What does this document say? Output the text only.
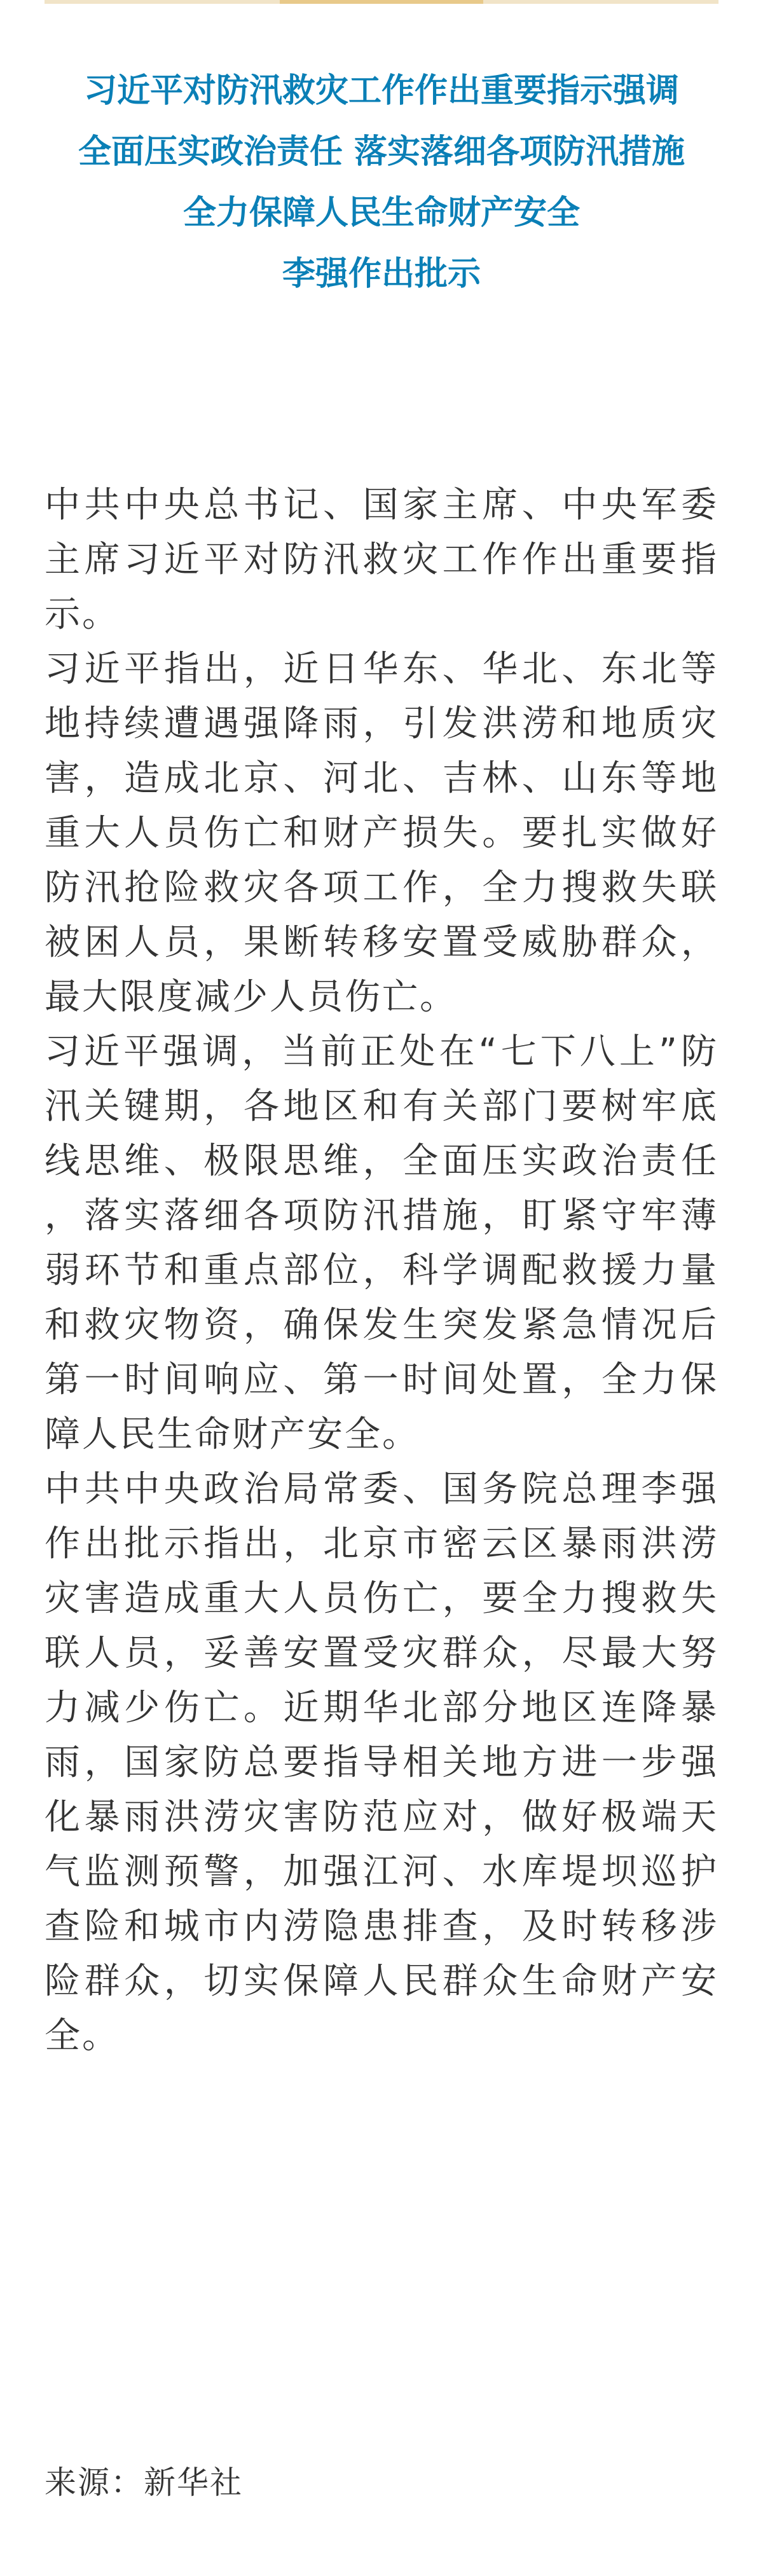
习近平对防汛救灾工作作出重要指示强调
全面压实政治责任 落实落细各项防汛措施
全力保障人民生命财产安全
李强作出批示

中共中央总书记、国家主席、中央军委主席习近平对防汛救灾工作作出重要指示。

习近平指出，近日华东、华北、东北等地持续遭遇强降雨，引发洪涝和地质灾害，造成北京、河北、吉林、山东等地重大人员伤亡和财产损失。要扎实做好防汛抢险救灾各项工作，全力搜救失联被困人员，果断转移安置受威胁群众，最大限度减少人员伤亡。

习近平强调，当前正处在“七下八上”防汛关键期，各地区和有关部门要树牢底线思维、极限思维，全面压实政治责任，落实落细各项防汛措施，盯紧守牢薄弱环节和重点部位，科学调配救援力量和救灾物资，确保发生突发紧急情况后第一时间响应、第一时间处置，全力保障人民生命财产安全。

中共中央政治局常委、国务院总理李强作出批示指出，北京市密云区暴雨洪涝灾害造成重大人员伤亡，要全力搜救失联人员，妥善安置受灾群众，尽最大努力减少伤亡。近期华北部分地区连降暴雨，国家防总要指导相关地方进一步强化暴雨洪涝灾害防范应对，做好极端天气监测预警，加强江河、水库堤坝巡护查险和城市内涝隐患排查，及时转移涉险群众，切实保障人民群众生命财产安全。

来源：新华社
